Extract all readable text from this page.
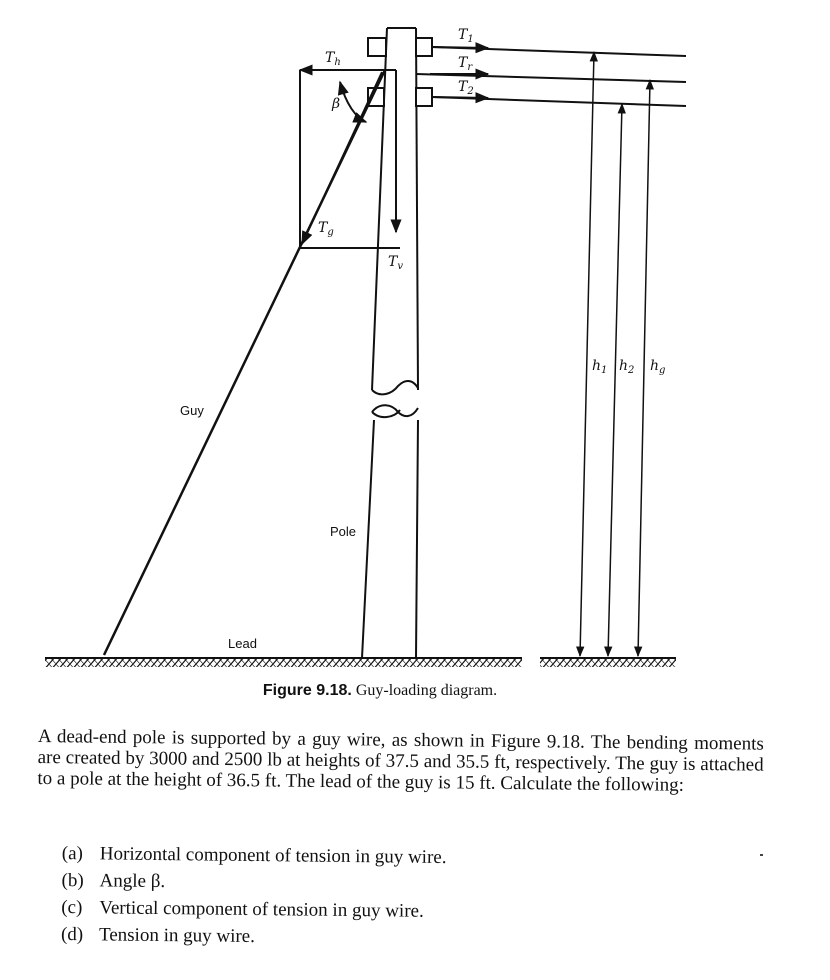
$T_1$
$T_r$
$T_2$
$T_h$
β
$T_g$
$T_v$
$h_1$ $h_2$ $h_g$
Guy
Pole
Lead
Figure 9.18. Guy-loading diagram.
A dead-end pole is supported by a guy wire, as shown in Figure 9.18. The bending moments are created by 3000 and 2500 lb at heights of 37.5 and 35.5 ft, respectively. The guy is attached to a pole at the height of 36.5 ft. The lead of the guy is 15 ft. Calculate the following:
(a) Horizontal component of tension in guy wire.
(b) Angle β.
(c) Vertical component of tension in guy wire.
(d) Tension in guy wire.
